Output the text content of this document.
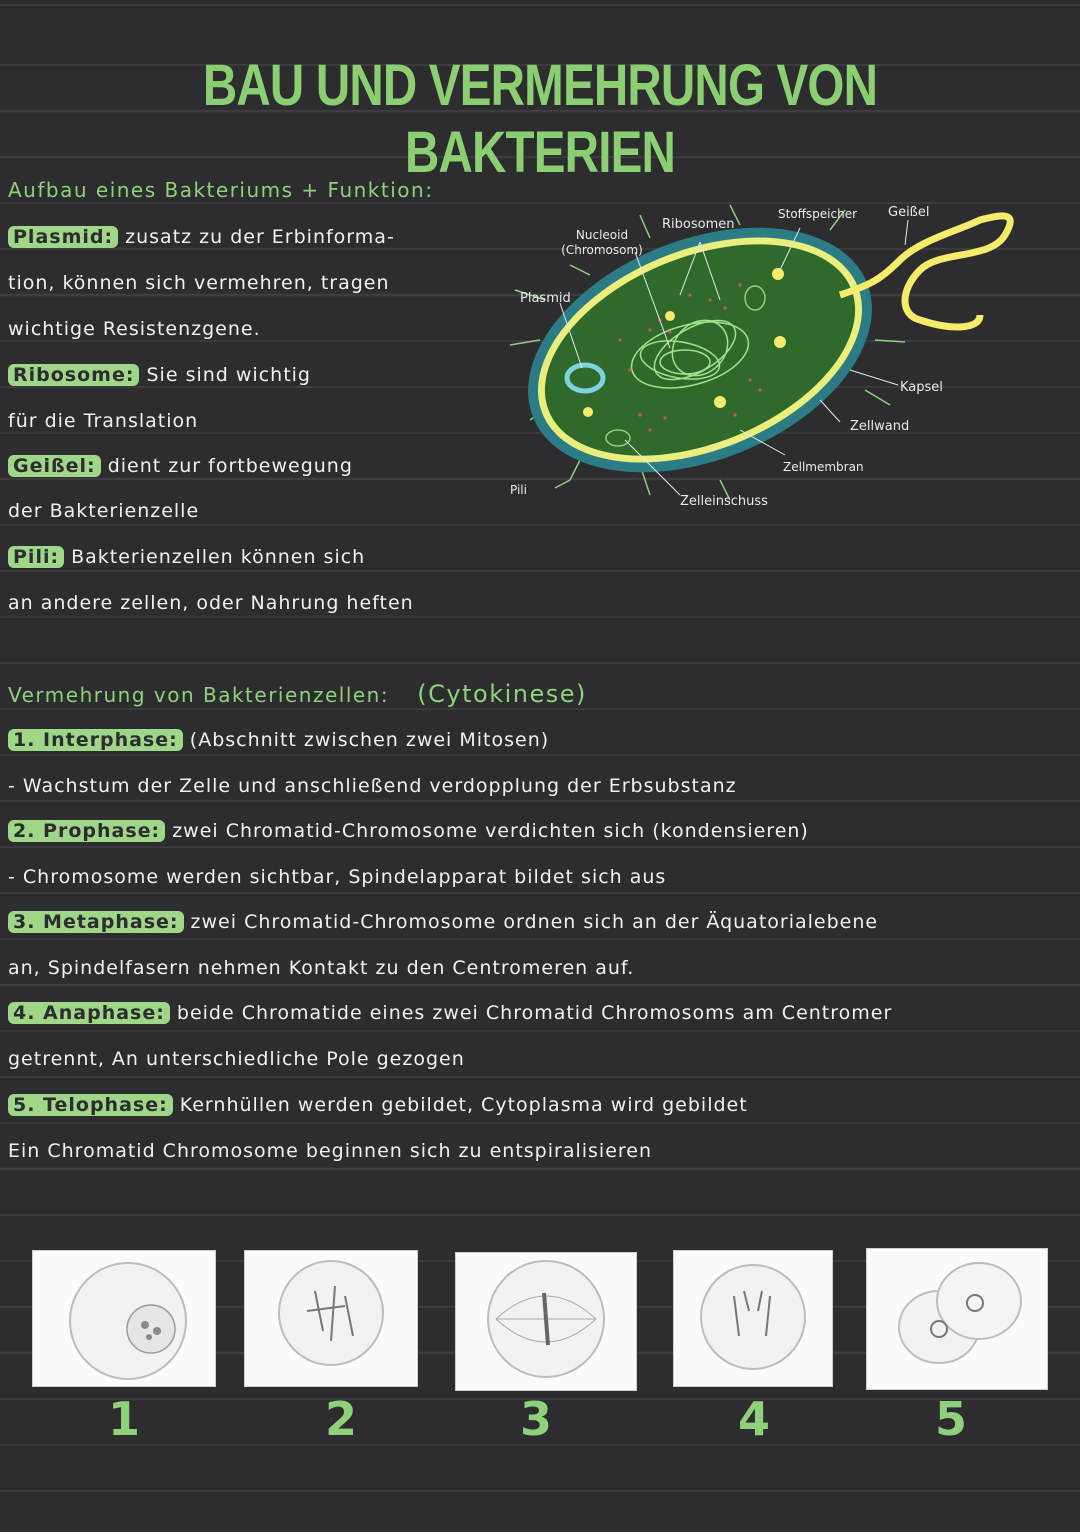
BAU UND VERMEHRUNG VON BAKTERIEN
Aufbau eines Bakteriums + Funktion:
Plasmid: zusatz zu der Erbinforma-
tion, können sich vermehren, tragen
wichtige Resistenzgene.
Ribosome: Sie sind wichtig
für die Translation
Geißel: dient zur fortbewegung
der Bakterienzelle
Pili: Bakterienzellen können sich
an andere zellen, oder Nahrung heften
Nucleoid
(Chromosom)
Ribosomen
Stoffspeicher Geißel
Plasmid
Kapsel
Zellwand
Zellmembran
Pili
Zelleinschuss
Vermehrung von Bakterienzellen: (Cytokinese)
1. Interphase: (Abschnitt zwischen zwei Mitosen)
- Wachstum der Zelle und anschließend verdopplung der Erbsubstanz
2. Prophase: zwei Chromatid-Chromosome verdichten sich (kondensieren)
- Chromosome werden sichtbar, Spindelapparat bildet sich aus
3. Metaphase: zwei Chromatid-Chromosome ordnen sich an der Äquatorialebene
an, Spindelfasern nehmen Kontakt zu den Centromeren auf.
4. Anaphase: beide Chromatide eines zwei Chromatid Chromosoms am Centromer
getrennt, An unterschiedliche Pole gezogen
5. Telophase: Kernhüllen werden gebildet, Cytoplasma wird gebildet
Ein Chromatid Chromosome beginnen sich zu entspiralisieren
1	2	3	4	5
